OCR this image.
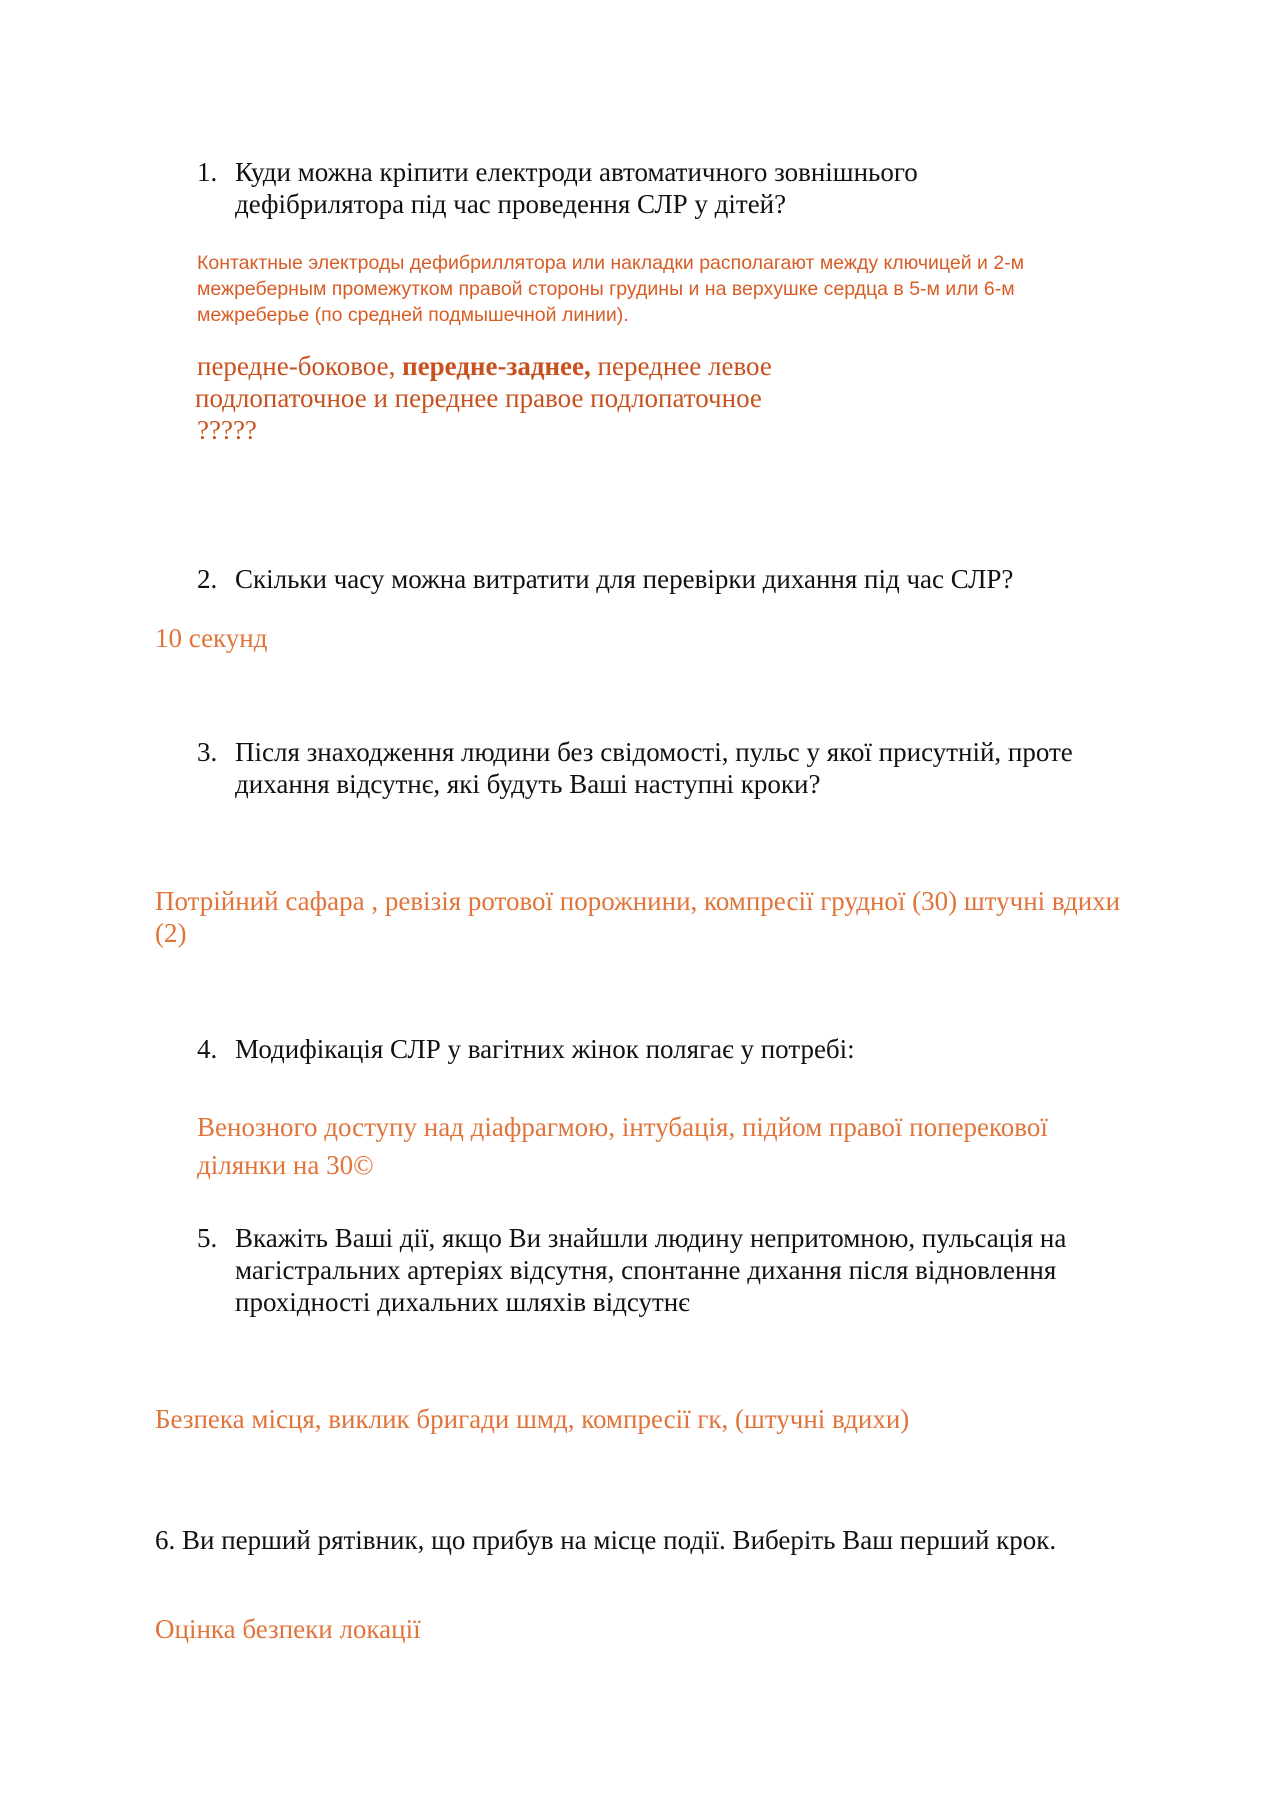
1. Куди можна кріпити електроди автоматичного зовнішнього дефібрилятора під час проведення СЛР у дітей?
Контактные электроды дефибриллятора или накладки располагают между ключицей и 2-м межреберным промежутком правой стороны грудины и на верхушке сердца в 5-м или 6-м межреберье (по средней подмышечной линии).
передне-боковое, передне-заднее, переднее левое
подлопаточное и переднее правое подлопаточное
?????
2. Скільки часу можна витратити для перевірки дихання під час СЛР?
10 секунд
3. Після знаходження людини без свідомості, пульс у якої присутній, проте дихання відсутнє, які будуть Ваші наступні кроки?
Потрійний сафара , ревізія ротової порожнини, компресії грудної (30) штучні вдихи (2)
4. Модифікація СЛР у вагітних жінок полягає у потребі:
Венозного доступу над діафрагмою, інтубація, підйом правої поперекової ділянки на 30©
5. Вкажіть Ваші дії, якщо Ви знайшли людину непритомною, пульсація на магістральних артеріях відсутня, спонтанне дихання після відновлення прохідності дихальних шляхів відсутнє
Безпека місця, виклик бригади шмд, компресії гк, (штучні вдихи)
6. Ви перший рятівник, що прибув на місце події. Виберіть Ваш перший крок.
Оцінка безпеки локації
